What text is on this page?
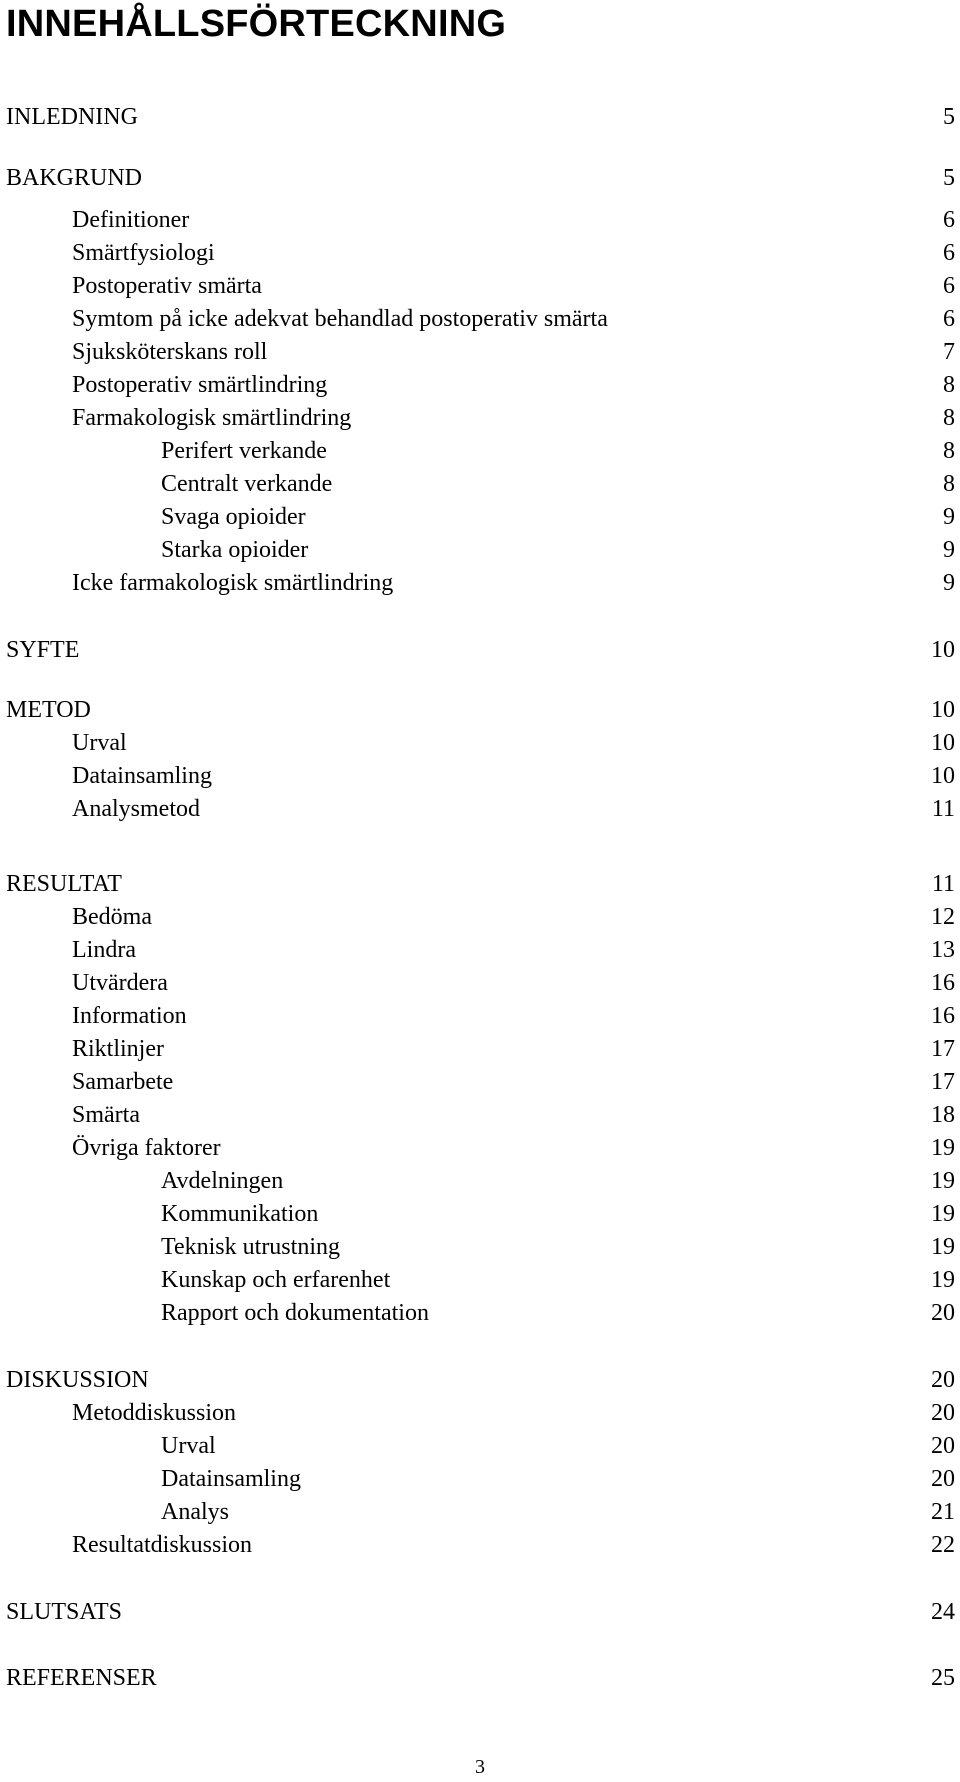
INNEHÅLLSFÖRTECKNING
INLEDNING	5
BAKGRUND	5
Definitioner	6
Smärtfysiologi	6
Postoperativ smärta	6
Symtom på icke adekvat behandlad postoperativ smärta	6
Sjuksköterskans roll	7
Postoperativ smärtlindring	8
Farmakologisk smärtlindring	8
Perifert verkande	8
Centralt verkande	8
Svaga opioider	9
Starka opioider	9
Icke farmakologisk smärtlindring	9
SYFTE	10
METOD	10
Urval	10
Datainsamling	10
Analysmetod	11
RESULTAT	11
Bedöma	12
Lindra	13
Utvärdera	16
Information	16
Riktlinjer	17
Samarbete	17
Smärta	18
Övriga faktorer	19
Avdelningen	19
Kommunikation	19
Teknisk utrustning	19
Kunskap och erfarenhet	19
Rapport och dokumentation	20
DISKUSSION	20
Metoddiskussion	20
Urval	20
Datainsamling	20
Analys	21
Resultatdiskussion	22
SLUTSATS	24
REFERENSER	25
3
